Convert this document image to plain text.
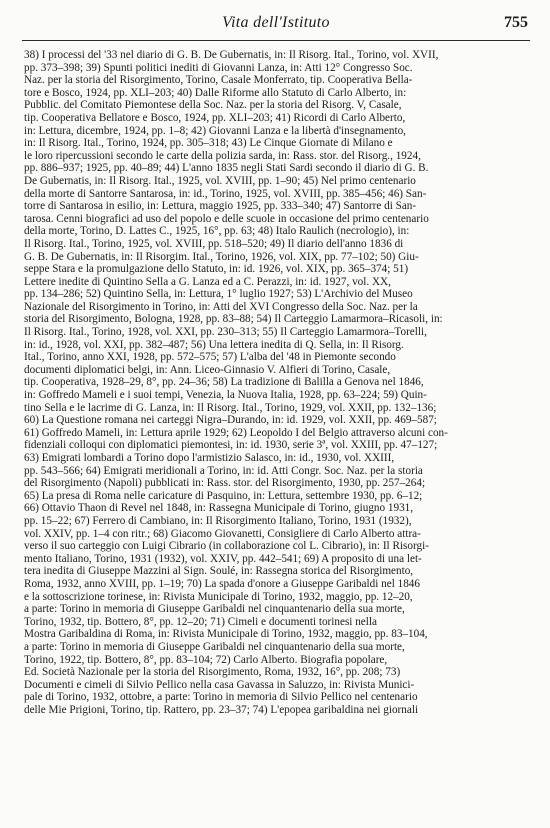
Vita dell'Istituto	755
38) I processi del '33 nel diario di G. B. De Gubernatis, in: Il Risorg. Ital., Torino, vol. XVII,
pp. 373–398; 39) Spunti politici inediti di Giovanni Lanza, in: Atti 12° Congresso Soc.
Naz. per la storia del Risorgimento, Torino, Casale Monferrato, tip. Cooperativa Bella-
tore e Bosco, 1924, pp. XLI–203; 40) Dalle Riforme allo Statuto di Carlo Alberto, in:
Pubblic. del Comitato Piemontese della Soc. Naz. per la storia del Risorg. V, Casale,
tip. Cooperativa Bellatore e Bosco, 1924, pp. XLI–203; 41) Ricordi di Carlo Alberto,
in: Lettura, dicembre, 1924, pp. 1–8; 42) Giovanni Lanza e la libertà d'insegnamento,
in: Il Risorg. Ital., Torino, 1924, pp. 305–318; 43) Le Cinque Giornate di Milano e
le loro ripercussioni secondo le carte della polizia sarda, in: Rass. stor. del Risorg., 1924,
pp. 886–937; 1925, pp. 40–89; 44) L'anno 1835 negli Stati Sardi secondo il diario di G. B.
De Gubernatis, in: Il Risorg. Ital., 1925, vol. XVIII, pp. 1–90; 45) Nel primo centenario
della morte di Santorre Santarosa, in: id., Torino, 1925, vol. XVIII, pp. 385–456; 46) San-
torre di Santarosa in esilio, in: Lettura, maggio 1925, pp. 333–340; 47) Santorre di San-
tarosa. Cenni biografici ad uso del popolo e delle scuole in occasione del primo centenario
della morte, Torino, D. Lattes C., 1925, 16°, pp. 63; 48) Italo Raulich (necrologio), in:
Il Risorg. Ital., Torino, 1925, vol. XVIII, pp. 518–520; 49) Il diario dell'anno 1836 di
G. B. De Gubernatis, in: Il Risorgim. Ital., Torino, 1926, vol. XIX, pp. 77–102; 50) Giu-
seppe Stara e la promulgazione dello Statuto, in: id. 1926, vol. XIX, pp. 365–374; 51)
Lettere inedite di Quintino Sella a G. Lanza ed a C. Perazzi, in: id. 1927, vol. XX,
pp. 134–286; 52) Quintino Sella, in: Lettura, 1° luglio 1927; 53) L'Archivio del Museo
Nazionale del Risorgimento in Torino, in: Atti del XVI Congresso della Soc. Naz. per la
storia del Risorgimento, Bologna, 1928, pp. 83–88; 54) Il Carteggio Lamarmora–Ricasoli, in:
Il Risorg. Ital., Torino, 1928, vol. XXI, pp. 230–313; 55) Il Carteggio Lamarmora–Torelli,
in: id., 1928, vol. XXI, pp. 382–487; 56) Una lettera inedita di Q. Sella, in: Il Risorg.
Ital., Torino, anno XXI, 1928, pp. 572–575; 57) L'alba del '48 in Piemonte secondo
documenti diplomatici belgi, in: Ann. Liceo-Ginnasio V. Alfieri di Torino, Casale,
tip. Cooperativa, 1928–29, 8°, pp. 24–36; 58) La tradizione di Balilla a Genova nel 1846,
in: Goffredo Mameli e i suoi tempi, Venezia, la Nuova Italia, 1928, pp. 63–224; 59) Quin-
tino Sella e le lacrime di G. Lanza, in: Il Risorg. Ital., Torino, 1929, vol. XXII, pp. 132–136;
60) La Questione romana nei carteggi Nigra–Durando, in: id. 1929, vol. XXII, pp. 469–587;
61) Goffredo Mameli, in: Lettura aprile 1929; 62) Leopoldo I del Belgio attraverso alcuni con-
fidenziali colloqui con diplomatici piemontesi, in: id. 1930, serie 3ª, vol. XXIII, pp. 47–127;
63) Emigrati lombardi a Torino dopo l'armistizio Salasco, in: id., 1930, vol. XXIII,
pp. 543–566; 64) Emigrati meridionali a Torino, in: id. Atti Congr. Soc. Naz. per la storia
del Risorgimento (Napoli) pubblicati in: Rass. stor. del Risorgimento, 1930, pp. 257–264;
65) La presa di Roma nelle caricature di Pasquino, in: Lettura, settembre 1930, pp. 6–12;
66) Ottavio Thaon di Revel nel 1848, in: Rassegna Municipale di Torino, giugno 1931,
pp. 15–22; 67) Ferrero di Cambiano, in: Il Risorgimento Italiano, Torino, 1931 (1932),
vol. XXIV, pp. 1–4 con ritr.; 68) Giacomo Giovanetti, Consigliere di Carlo Alberto attra-
verso il suo carteggio con Luigi Cibrario (in collaborazione col L. Cibrario), in: Il Risorgi-
mento Italiano, Torino, 1931 (1932), vol. XXIV, pp. 442–541; 69) A proposito di una let-
tera inedita di Giuseppe Mazzini al Sign. Soulé, in: Rassegna storica del Risorgimento,
Roma, 1932, anno XVIII, pp. 1–19; 70) La spada d'onore a Giuseppe Garibaldi nel 1846
e la sottoscrizione torinese, in: Rivista Municipale di Torino, 1932, maggio, pp. 12–20,
a parte: Torino in memoria di Giuseppe Garibaldi nel cinquantenario della sua morte,
Torino, 1932, tip. Bottero, 8°, pp. 12–20; 71) Cimeli e documenti torinesi nella
Mostra Garibaldina di Roma, in: Rivista Municipale di Torino, 1932, maggio, pp. 83–104,
a parte: Torino in memoria di Giuseppe Garibaldi nel cinquantenario della sua morte,
Torino, 1922, tip. Bottero, 8°, pp. 83–104; 72) Carlo Alberto. Biografia popolare,
Ed. Società Nazionale per la storia del Risorgimento, Roma, 1932, 16°, pp. 208; 73)
Documenti e cimeli di Silvio Pellico nella casa Gavassa in Saluzzo, in: Rivista Munici-
pale di Torino, 1932, ottobre, a parte: Torino in memoria di Silvio Pellico nel centenario
delle Mie Prigioni, Torino, tip. Rattero, pp. 23–37; 74) L'epopea garibaldina nei giornali
